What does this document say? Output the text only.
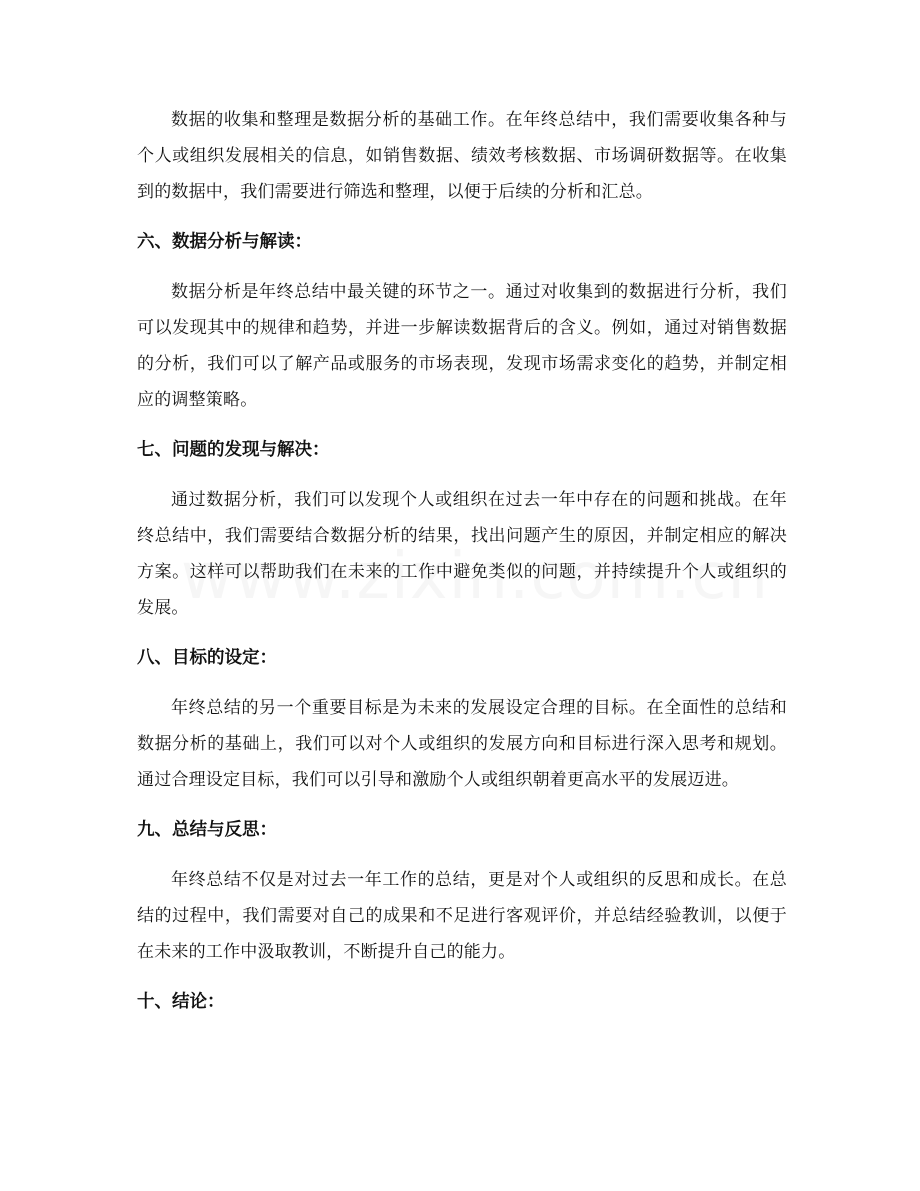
数据的收集和整理是数据分析的基础工作。在年终总结中，我们需要收集各种与个人或组织发展相关的信息，如销售数据、绩效考核数据、市场调研数据等。在收集到的数据中，我们需要进行筛选和整理，以便于后续的分析和汇总。

六、数据分析与解读：

数据分析是年终总结中最关键的环节之一。通过对收集到的数据进行分析，我们可以发现其中的规律和趋势，并进一步解读数据背后的含义。例如，通过对销售数据的分析，我们可以了解产品或服务的市场表现，发现市场需求变化的趋势，并制定相应的调整策略。

七、问题的发现与解决：

通过数据分析，我们可以发现个人或组织在过去一年中存在的问题和挑战。在年终总结中，我们需要结合数据分析的结果，找出问题产生的原因，并制定相应的解决方案。这样可以帮助我们在未来的工作中避免类似的问题，并持续提升个人或组织的发展。

八、目标的设定：

年终总结的另一个重要目标是为未来的发展设定合理的目标。在全面性的总结和数据分析的基础上，我们可以对个人或组织的发展方向和目标进行深入思考和规划。通过合理设定目标，我们可以引导和激励个人或组织朝着更高水平的发展迈进。

九、总结与反思：

年终总结不仅是对过去一年工作的总结，更是对个人或组织的反思和成长。在总结的过程中，我们需要对自己的成果和不足进行客观评价，并总结经验教训，以便于在未来的工作中汲取教训，不断提升自己的能力。

十、结论：
